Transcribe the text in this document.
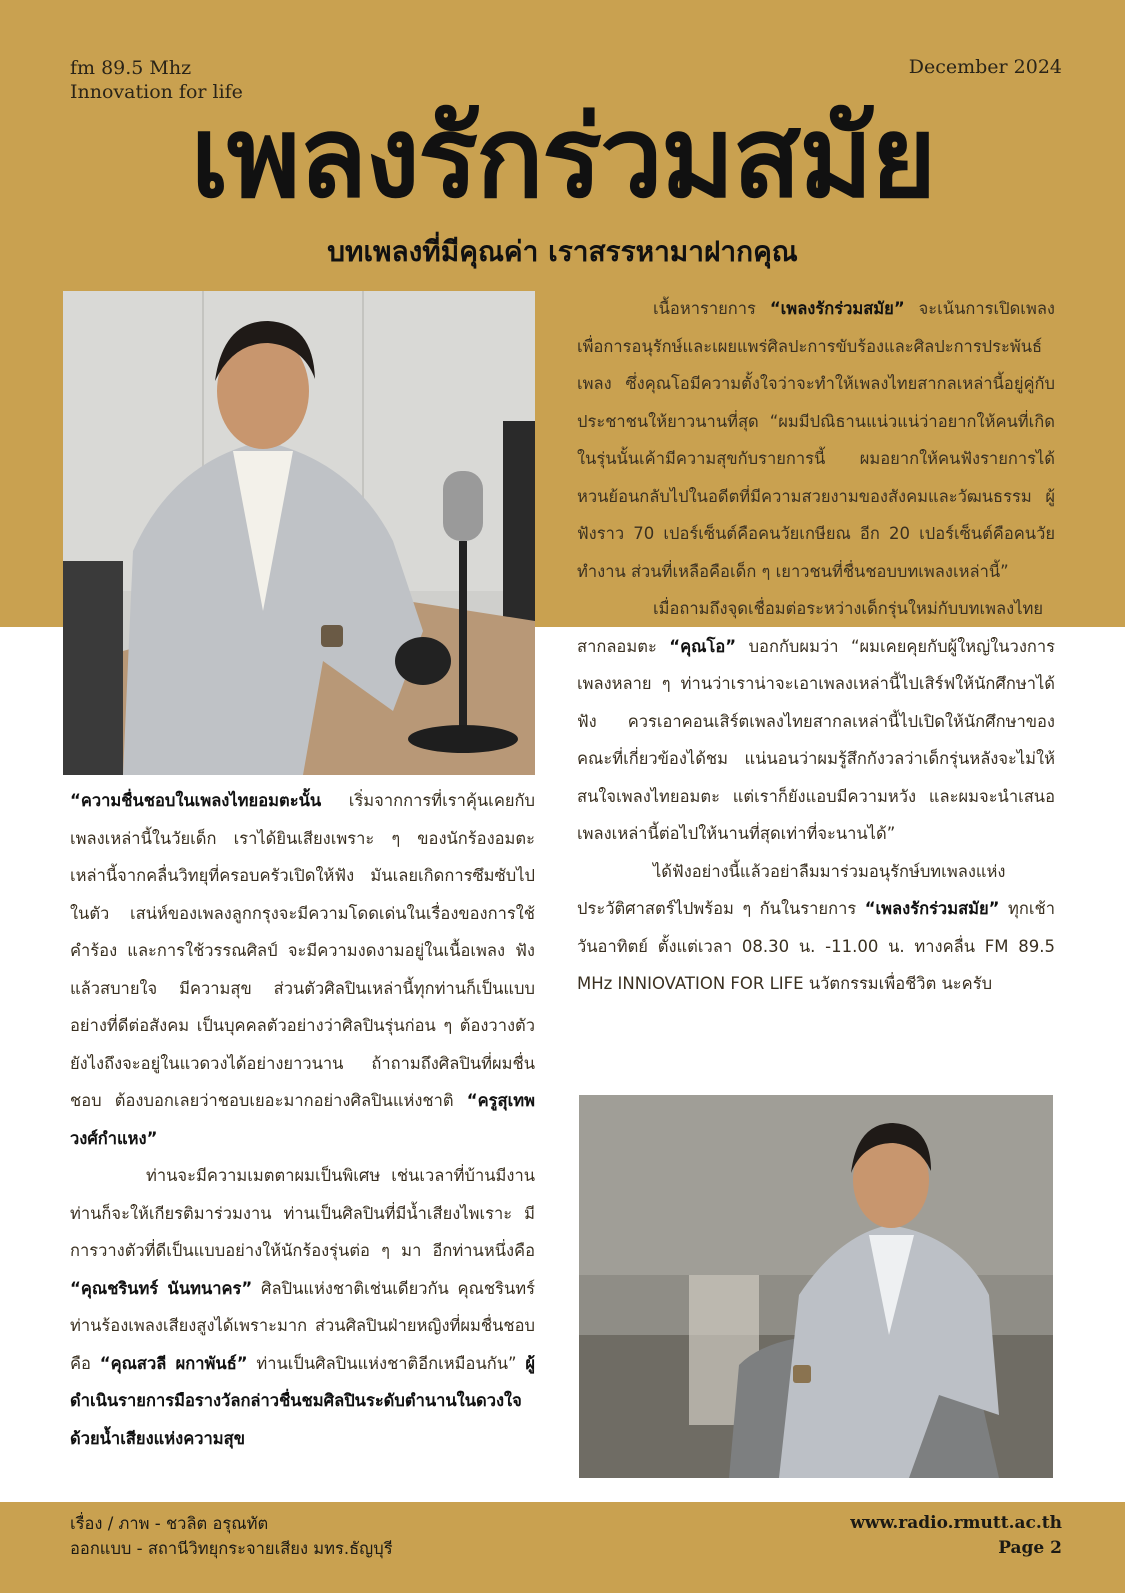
fm 89.5 Mhz
Innovation for life
December 2024
เพลงรักร่วมสมัย
บทเพลงที่มีคุณค่า เราสรรหามาฝากคุณ

เนื้อหารายการ “เพลงรักร่วมสมัย” จะเน้นการเปิดเพลงเพื่อการอนุรักษ์และเผยแพร่ศิลปะการขับร้องและศิลปะการประพันธ์เพลง ซึ่งคุณโอมีความตั้งใจว่าจะทำให้เพลงไทยสากลเหล่านี้อยู่คู่กับประชาชนให้ยาวนานที่สุด “ผมมีปณิธานแน่วแน่ว่าอยากให้คนที่เกิดในรุ่นนั้นเค้ามีความสุขกับรายการนี้ ผมอยากให้คนฟังรายการได้หวนย้อนกลับไปในอดีตที่มีความสวยงามของสังคมและวัฒนธรรม ผู้ฟังราว 70 เปอร์เซ็นต์คือคนวัยเกษียณ อีก 20 เปอร์เซ็นต์คือคนวัยทำงาน ส่วนที่เหลือคือเด็ก ๆ เยาวชนที่ชื่นชอบบทเพลงเหล่านี้”

เมื่อถามถึงจุดเชื่อมต่อระหว่างเด็กรุ่นใหม่กับบทเพลงไทยสากลอมตะ “คุณโอ” บอกกับผมว่า “ผมเคยคุยกับผู้ใหญ่ในวงการเพลงหลาย ๆ ท่านว่าเราน่าจะเอาเพลงเหล่านี้ไปเสิร์ฟให้นักศึกษาได้ฟัง ควรเอาคอนเสิร์ตเพลงไทยสากลเหล่านี้ไปเปิดให้นักศึกษาของคณะที่เกี่ยวข้องได้ชม แน่นอนว่าผมรู้สึกกังวลว่าเด็กรุ่นหลังจะไม่ให้สนใจเพลงไทยอมตะ แต่เราก็ยังแอบมีความหวัง และผมจะนำเสนอเพลงเหล่านี้ต่อไปให้นานที่สุดเท่าที่จะนานได้”

ได้ฟังอย่างนี้แล้วอย่าลืมมาร่วมอนุรักษ์บทเพลงแห่งประวัติศาสตร์ไปพร้อม ๆ กันในรายการ “เพลงรักร่วมสมัย” ทุกเช้าวันอาทิตย์ ตั้งแต่เวลา 08.30 น. -11.00 น. ทางคลื่น FM 89.5 MHz INNIOVATION FOR LIFE นวัตกรรมเพื่อชีวิต นะครับ

“ความชื่นชอบในเพลงไทยอมตะนั้น เริ่มจากการที่เราคุ้นเคยกับเพลงเหล่านี้ในวัยเด็ก เราได้ยินเสียงเพราะ ๆ ของนักร้องอมตะเหล่านี้จากคลื่นวิทยุที่ครอบครัวเปิดให้ฟัง มันเลยเกิดการซึมซับไปในตัว เสน่ห์ของเพลงลูกกรุงจะมีความโดดเด่นในเรื่องของการใช้คำร้อง และการใช้วรรณศิลป์ จะมีความงดงามอยู่ในเนื้อเพลง ฟังแล้วสบายใจ มีความสุข ส่วนตัวศิลปินเหล่านี้ทุกท่านก็เป็นแบบอย่างที่ดีต่อสังคม เป็นบุคคลตัวอย่างว่าศิลปินรุ่นก่อน ๆ ต้องวางตัวยังไงถึงจะอยู่ในแวดวงได้อย่างยาวนาน ถ้าถามถึงศิลปินที่ผมชื่นชอบ ต้องบอกเลยว่าชอบเยอะมากอย่างศิลปินแห่งชาติ “ครูสุเทพ วงศ์กำแหง”

ท่านจะมีความเมตตาผมเป็นพิเศษ เช่นเวลาที่บ้านมีงาน ท่านก็จะให้เกียรติมาร่วมงาน ท่านเป็นศิลปินที่มีน้ำเสียงไพเราะ มีการวางตัวที่ดีเป็นแบบอย่างให้นักร้องรุ่นต่อ ๆ มา อีกท่านหนึ่งคือ “คุณชรินทร์ นันทนาคร” ศิลปินแห่งชาติเช่นเดียวกัน คุณชรินทร์ท่านร้องเพลงเสียงสูงได้เพราะมาก ส่วนศิลปินฝ่ายหญิงที่ผมชื่นชอบคือ “คุณสวลี ผกาพันธ์” ท่านเป็นศิลปินแห่งชาติอีกเหมือนกัน” ผู้ดำเนินรายการมือรางวัลกล่าวชื่นชมศิลปินระดับตำนานในดวงใจด้วยน้ำเสียงแห่งความสุข

เรื่อง / ภาพ - ชวลิต อรุณทัต
ออกแบบ - สถานีวิทยุกระจายเสียง มทร.ธัญบุรี
www.radio.rmutt.ac.th
Page 2
